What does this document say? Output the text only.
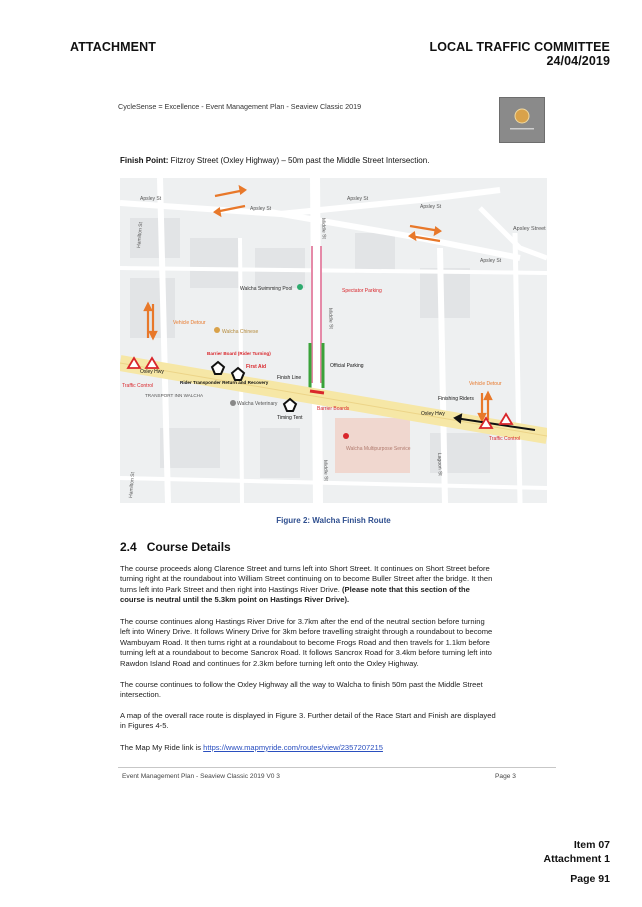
ATTACHMENT	LOCAL TRAFFIC COMMITTEE
24/04/2019
CycleSense = Excellence - Event Management Plan - Seaview Classic 2019
Finish Point: Fitzroy Street (Oxley Highway) – 50m past the Middle Street Intersection.
Apsley St
Apsley St
Apsley St
Apsley St
Apsley St
Apsley Street
Hamilton St	Middle St
Middle St
Middle St
Walcha Swimming Pool	Spectator Parking
Vehicle Detour
Walcha Chinese
Barrier Board (Rider Turning)
First Aid
Finish Line
Official Parking
Oxley Hwy
Oxley Hwy
Rider Transponder Return and Recovery
Traffic Control
TRANSPORT INN WALCHA
Walcha Veterinary
Timing Tent
Barrier Boards
Vehicle Detour
Finishing Riders
Traffic Control
Walcha Multipurpose Service
Lagoon St
Hamilton St
Figure 2: Walcha Finish Route
2.4 Course Details
The course proceeds along Clarence Street and turns left into Short Street. It continues on Short Street before
turning right at the roundabout into William Street continuing on to become Buller Street after the bridge. It then
turns left into Park Street and then right into Hastings River Drive. (Please note that this section of the
course is neutral until the 5.3km point on Hastings River Drive).
The course continues along Hastings River Drive for 3.7km after the end of the neutral section before turning
left into Winery Drive. It follows Winery Drive for 3km before travelling straight through a roundabout to become
Wambuyam Road. It then turns right at a roundabout to become Frogs Road and then travels for 1.1km before
turning left at a roundabout to become Sancrox Road. It follows Sancrox Road for 3.4km before turning left into
Rawdon Island Road and continues for 2.3km before turning left onto the Oxley Highway.
The course continues to follow the Oxley Highway all the way to Walcha to finish 50m past the Middle Street
intersection.
A map of the overall race route is displayed in Figure 3. Further detail of the Race Start and Finish are displayed
in Figures 4-5.
The Map My Ride link is https://www.mapmyride.com/routes/view/2357207215
Event Management Plan - Seaview Classic 2019 V0 3	Page 3
Item 07
Attachment 1
Page 91
